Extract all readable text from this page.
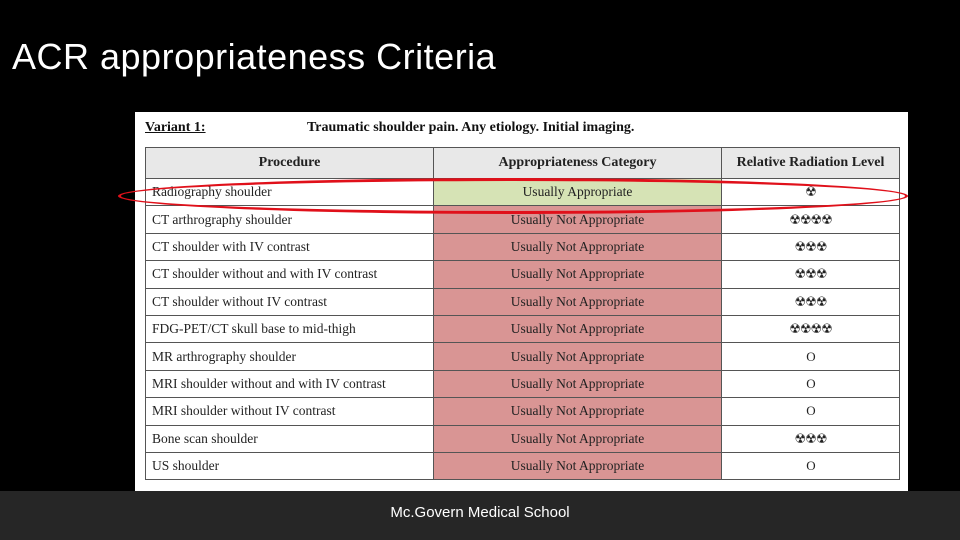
ACR appropriateness Criteria
Variant 1:	Traumatic shoulder pain. Any etiology. Initial imaging.
Procedure	Appropriateness Category	Relative Radiation Level
Radiography shoulder	Usually Appropriate	☢
CT arthrography shoulder	Usually Not Appropriate	☢☢☢☢
CT shoulder with IV contrast	Usually Not Appropriate	☢☢☢
CT shoulder without and with IV contrast	Usually Not Appropriate	☢☢☢
CT shoulder without IV contrast	Usually Not Appropriate	☢☢☢
FDG-PET/CT skull base to mid-thigh	Usually Not Appropriate	☢☢☢☢
MR arthrography shoulder	Usually Not Appropriate	O
MRI shoulder without and with IV contrast	Usually Not Appropriate	O
MRI shoulder without IV contrast	Usually Not Appropriate	O
Bone scan shoulder	Usually Not Appropriate	☢☢☢
US shoulder	Usually Not Appropriate	O
Mc.Govern Medical School
